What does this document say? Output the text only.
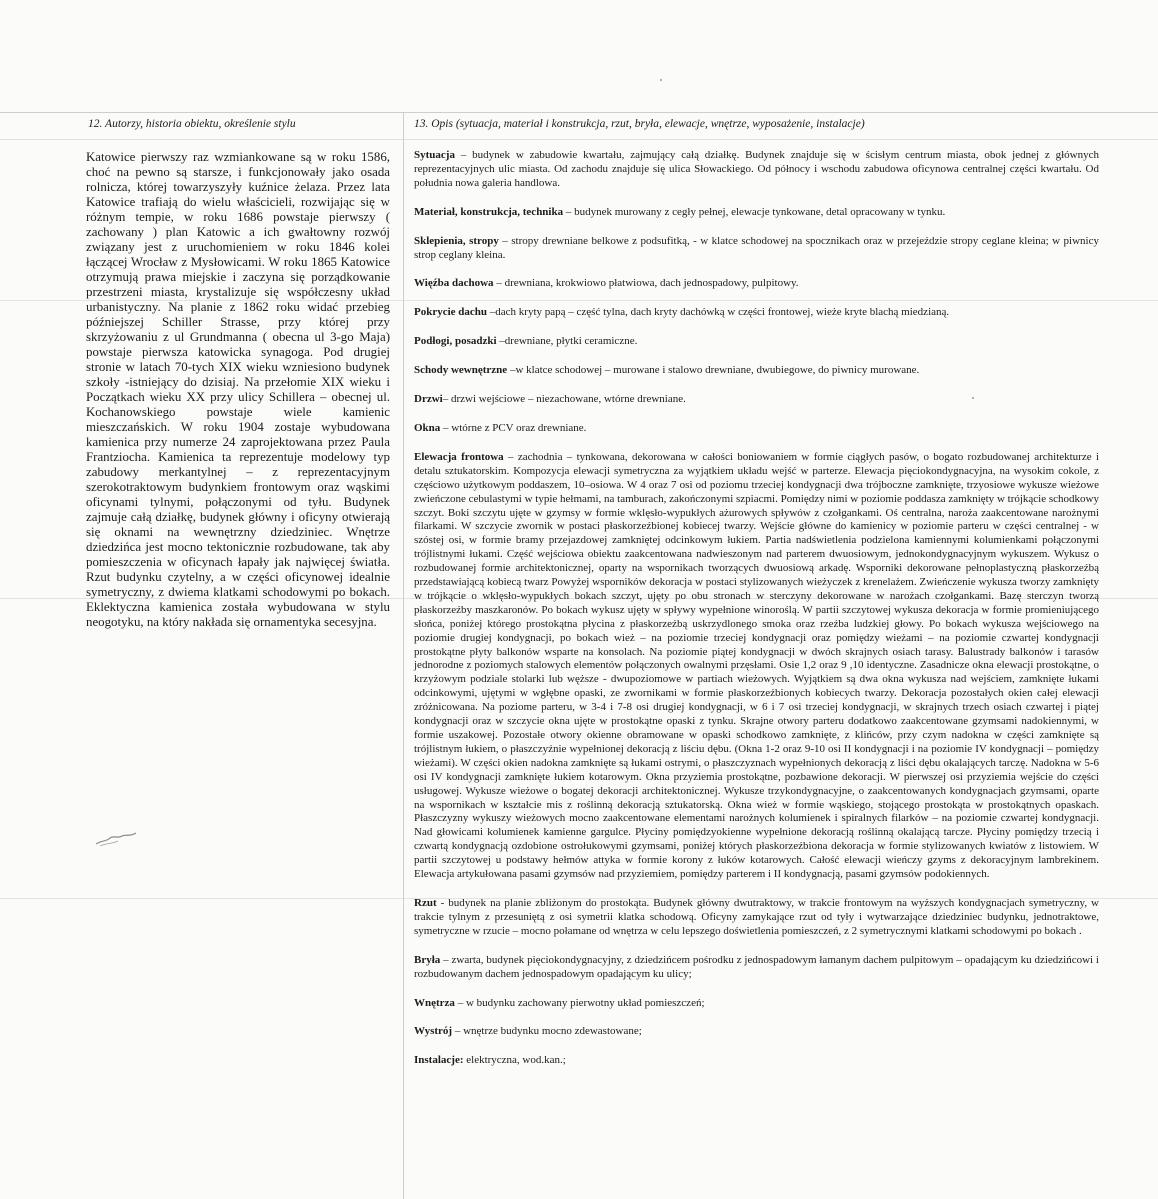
12. Autorzy, historia obiektu, określenie stylu	13. Opis (sytuacja, materiał i konstrukcja, rzut, bryła, elewacje, wnętrze, wyposażenie, instalacje)
Katowice pierwszy raz wzmiankowane są w roku 1586, choć na pewno są starsze, i funkcjonowały jako osada rolnicza, której towarzyszyły kuźnice żelaza. Przez lata Katowice trafiają do wielu właścicieli, rozwijając się w różnym tempie, w roku 1686 powstaje pierwszy ( zachowany ) plan Katowic a ich gwałtowny rozwój związany jest z uruchomieniem w roku 1846 kolei łączącej Wrocław z Mysłowicami. W roku 1865 Katowice otrzymują prawa miejskie i zaczyna się porządkowanie przestrzeni miasta, krystalizuje się współczesny układ urbanistyczny. Na planie z 1862 roku widać przebieg późniejszej Schiller Strasse, przy której przy skrzyżowaniu z ul Grundmanna ( obecna ul 3-go Maja) powstaje pierwsza katowicka synagoga. Pod drugiej stronie w latach 70-tych XIX wieku wzniesiono budynek szkoły -istniejący do dzisiaj. Na przełomie XIX wieku i Początkach wieku XX przy ulicy Schillera – obecnej ul. Kochanowskiego powstaje wiele kamienic mieszczańskich. W roku 1904 zostaje wybudowana kamienica przy numerze 24 zaprojektowana przez Paula Frantziocha. Kamienica ta reprezentuje modelowy typ zabudowy merkantylnej – z reprezentacyjnym szerokotraktowym budynkiem frontowym oraz wąskimi oficynami tylnymi, połączonymi od tyłu. Budynek zajmuje całą działkę, budynek główny i oficyny otwierają się oknami na wewnętrzny dziedziniec. Wnętrze dziedzińca jest mocno tektonicznie rozbudowane, tak aby pomieszczenia w oficynach łapały jak najwięcej światła. Rzut budynku czytelny, a w części oficynowej idealnie symetryczny, z dwiema klatkami schodowymi po bokach. Eklektyczna kamienica została wybudowana w stylu neogotyku, na który nakłada się ornamentyka secesyjna.
Sytuacja – budynek w zabudowie kwartału, zajmujący całą działkę. Budynek znajduje się w ścisłym centrum miasta, obok jednej z głównych reprezentacyjnych ulic miasta. Od zachodu znajduje się ulica Słowackiego. Od północy i wschodu zabudowa oficynowa centralnej części kwartału. Od południa nowa galeria handlowa.
Materiał, konstrukcja, technika – budynek murowany z cegły pełnej, elewacje tynkowane, detal opracowany w tynku.
Sklepienia, stropy – stropy drewniane belkowe z podsufitką, - w klatce schodowej na spocznikach oraz w przejeździe stropy ceglane kleina; w piwnicy strop ceglany kleina.
Więźba dachowa – drewniana, krokwiowo płatwiowa, dach jednospadowy, pulpitowy.
Pokrycie dachu –dach kryty papą – część tylna, dach kryty dachówką w części frontowej, wieże kryte blachą miedzianą.
Podłogi, posadzki –drewniane, płytki ceramiczne.
Schody wewnętrzne –w klatce schodowej – murowane i stalowo drewniane, dwubiegowe, do piwnicy murowane.
Drzwi– drzwi wejściowe – niezachowane, wtórne drewniane.
Okna – wtórne z PCV oraz drewniane.
Elewacja frontowa – zachodnia – tynkowana, dekorowana w całości boniowaniem w formie ciągłych pasów, o bogato rozbudowanej architekturze i detalu sztukatorskim. Kompozycja elewacji symetryczna za wyjątkiem układu wejść w parterze. Elewacja pięciokondygnacyjna, na wysokim cokole, z częściowo użytkowym poddaszem, 10–osiowa. W 4 oraz 7 osi od poziomu trzeciej kondygnacji dwa trójboczne zamknięte, trzyosiowe wykusze wieżowe zwieńczone cebulastymi w typie hełmami, na tamburach, zakończonymi szpiacmi. Pomiędzy nimi w poziomie poddasza zamknięty w trójkącie schodkowy szczyt. Boki szczytu ujęte w gzymsy w formie wklęsło-wypukłych ażurowych spływów z czołgankami. Oś centralna, naroża zaakcentowane narożnymi filarkami. W szczycie zwornik w postaci płaskorzeźbionej kobiecej twarzy. Wejście główne do kamienicy w poziomie parteru w części centralnej - w szóstej osi, w formie bramy przejazdowej zamkniętej odcinkowym łukiem. Partia nadświetlenia podzielona kamiennymi kolumienkami połączonymi trójlistnymi łukami. Część wejściowa obiektu zaakcentowana nadwieszonym nad parterem dwuosiowym, jednokondygnacyjnym wykuszem. Wykusz o rozbudowanej formie architektonicznej, oparty na wspornikach tworzących dwuosiową arkadę. Wsporniki dekorowane pełnoplastyczną płaskorzeźbą przedstawiającą kobiecą twarz Powyżej wsporników dekoracja w postaci stylizowanych wieżyczek z krenelażem. Zwieńczenie wykusza tworzy zamknięty w trójkącie o wklęsło-wypukłych bokach szczyt, ujęty po obu stronach w sterczyny dekorowane w narożach czołgankami. Bazę sterczyn tworzą płaskorzeźby maszkaronów. Po bokach wykusz ujęty w spływy wypełnione winoroślą. W partii szczytowej wykusza dekoracja w formie promieniującego słońca, poniżej którego prostokątna płycina z płaskorzeźbą uskrzydlonego smoka oraz rzeźba ludzkiej głowy. Po bokach wykusza wejściowego na poziomie drugiej kondygnacji, po bokach wież – na poziomie trzeciej kondygnacji oraz pomiędzy wieżami – na poziomie czwartej kondygnacji prostokątne płyty balkonów wsparte na konsolach. Na poziomie piątej kondygnacji w dwóch skrajnych osiach tarasy. Balustrady balkonów i tarasów jednorodne z poziomych stalowych elementów połączonych owalnymi przęsłami. Osie 1,2 oraz 9 ,10 identyczne. Zasadnicze okna elewacji prostokątne, o krzyżowym podziale stolarki lub węższe - dwupoziomowe w partiach wieżowych. Wyjątkiem są dwa okna wykusza nad wejściem, zamknięte łukami odcinkowymi, ujętymi w wgłębne opaski, ze zwornikami w formie płaskorzeźbionych kobiecych twarzy. Dekoracja pozostałych okien całej elewacji zróżnicowana. Na poziome parteru, w 3-4 i 7-8 osi drugiej kondygnacji, w 6 i 7 osi trzeciej kondygnacji, w skrajnych trzech osiach czwartej i piątej kondygnacji oraz w szczycie okna ujęte w prostokątne opaski z tynku. Skrajne otwory parteru dodatkowo zaakcentowane gzymsami nadokiennymi, w formie uszakowej. Pozostałe otwory okienne obramowane w opaski schodkowo zamknięte, z klińców, przy czym nadokna w części zamknięte są trójlistnym łukiem, o płaszczyźnie wypełnionej dekoracją z liściu dębu. (Okna 1-2 oraz 9-10 osi II kondygnacji i na poziomie IV kondygnacji – pomiędzy wieżami). W części okien nadokna zamknięte są łukami ostrymi, o płaszczyznach wypełnionych dekoracją z liści dębu okalających tarczę. Nadokna w 5-6 osi IV kondygnacji zamknięte łukiem kotarowym. Okna przyziemia prostokątne, pozbawione dekoracji. W pierwszej osi przyziemia wejście do części usługowej. Wykusze wieżowe o bogatej dekoracji architektonicznej. Wykusze trzykondygnacyjne, o zaakcentowanych kondygnacjach gzymsami, oparte na wspornikach w kształcie mis z roślinną dekoracją sztukatorską. Okna wież w formie wąskiego, stojącego prostokąta w prostokątnych opaskach. Płaszczyzny wykuszy wieżowych mocno zaakcentowane elementami narożnych kolumienek i spiralnych filarków – na poziomie czwartej kondygnacji. Nad głowicami kolumienek kamienne gargulce. Płyciny pomiędzyokienne wypełnione dekoracją roślinną okalającą tarcze. Płyciny pomiędzy trzecią i czwartą kondygnacją ozdobione ostrołukowymi gzymsami, poniżej których płaskorzeźbiona dekoracja w formie stylizowanych kwiatów z listowiem. W partii szczytowej u podstawy hełmów attyka w formie korony z łuków kotarowych. Całość elewacji wieńczy gzyms z dekoracyjnym lambrekinem. Elewacja artykułowana pasami gzymsów nad przyziemiem, pomiędzy parterem i II kondygnacją, pasami gzymsów podokiennych.
Rzut - budynek na planie zbliżonym do prostokąta. Budynek główny dwutraktowy, w trakcie frontowym na wyższych kondygnacjach symetryczny, w trakcie tylnym z przesuniętą z osi symetrii klatka schodową. Oficyny zamykające rzut od tyły i wytwarzające dziedziniec budynku, jednotraktowe, symetryczne w rzucie – mocno połamane od wnętrza w celu lepszego doświetlenia pomieszczeń, z 2 symetrycznymi klatkami schodowymi po bokach .
Bryła – zwarta, budynek pięciokondygnacyjny, z dziedzińcem pośrodku z jednospadowym łamanym dachem pulpitowym – opadającym ku dziedzińcowi i rozbudowanym dachem jednospadowym opadającym ku ulicy;
Wnętrza – w budynku zachowany pierwotny układ pomieszczeń;
Wystrój – wnętrze budynku mocno zdewastowane;
Instalacje: elektryczna, wod.kan.;
